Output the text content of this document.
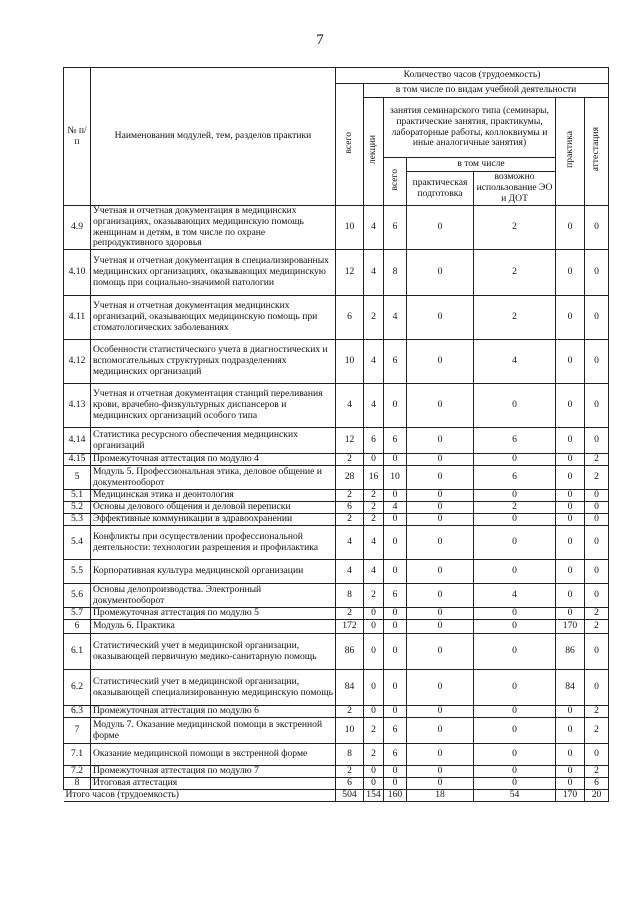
7
№ п/п	Наименования модулей, тем, разделов практики	Количество часов (трудоемкость)						
		всего	в том числе по видам учебной деятельности					
			лекции	занятия семинарского типа (семинары, практические занятия, практикумы, лабораторные работы, коллоквиумы и иные аналогичные занятия)			практика	аттестация
				всего	в том числе			
					практическая подготовка	возможно использование ЭО и ДОТ		
4.9	Учетная и отчетная документация в медицинских организациях, оказывающих медицинскую помощь женщинам и детям, в том числе по охране репродуктивного здоровья	10	4	6	0	2	0	0
4.10	Учетная и отчетная документация в специализированных медицинских организациях, оказывающих медицинскую помощь при социально-значимой патологии	12	4	8	0	2	0	0
4.11	Учетная и отчетная документация медицинских организаций, оказывающих медицинскую помощь при стоматологических заболеваниях	6	2	4	0	2	0	0
4.12	Особенности статистического учета в диагностических и вспомогательных структурных подразделениях медицинских организаций	10	4	6	0	4	0	0
4.13	Учетная и отчетная документация станций переливания крови, врачебно-физкультурных диспансеров и медицинских организаций особого типа	4	4	0	0	0	0	0
4.14	Статистика ресурсного обеспечения медицинских организаций	12	6	6	0	6	0	0
4.15	Промежуточная аттестация по модулю 4	2	0	0	0	0	0	2
5	Модуль 5. Профессиональная этика, деловое общение и документооборот	28	16	10	0	6	0	2
5.1	Медицинская этика и деонтология	2	2	0	0	0	0	0
5.2	Основы делового общения и деловой переписки	6	2	4	0	2	0	0
5.3	Эффективные коммуникации в здравоохранении	2	2	0	0	0	0	0
5.4	Конфликты при осуществлении профессиональной деятельности: технологии разрешения и профилактика	4	4	0	0	0	0	0
5.5	Корпоративная культура медицинской организации	4	4	0	0	0	0	0
5.6	Основы делопроизводства. Электронный документооборот	8	2	6	0	4	0	0
5.7	Промежуточная аттестация по модулю 5	2	0	0	0	0	0	2
6	Модуль 6. Практика	172	0	0	0	0	170	2
6.1	Статистический учет в медицинской организации, оказывающей первичную медико-санитарную помощь	86	0	0	0	0	86	0
6.2	Статистический учет в медицинской организации, оказывающей специализированную медицинскую помощь	84	0	0	0	0	84	0
6.3	Промежуточная аттестация по модулю 6	2	0	0	0	0	0	2
7	Модуль 7. Оказание медицинской помощи в экстренной форме	10	2	6	0	0	0	2
7.1	Оказание медицинской помощи в экстренной форме	8	2	6	0	0	0	0
7.2	Промежуточная аттестация по модулю 7	2	0	0	0	0	0	2
8	Итоговая аттестация	6	0	0	0	0	0	6
Итого часов (трудоемкость)		504	154	160	18	54	170	20
